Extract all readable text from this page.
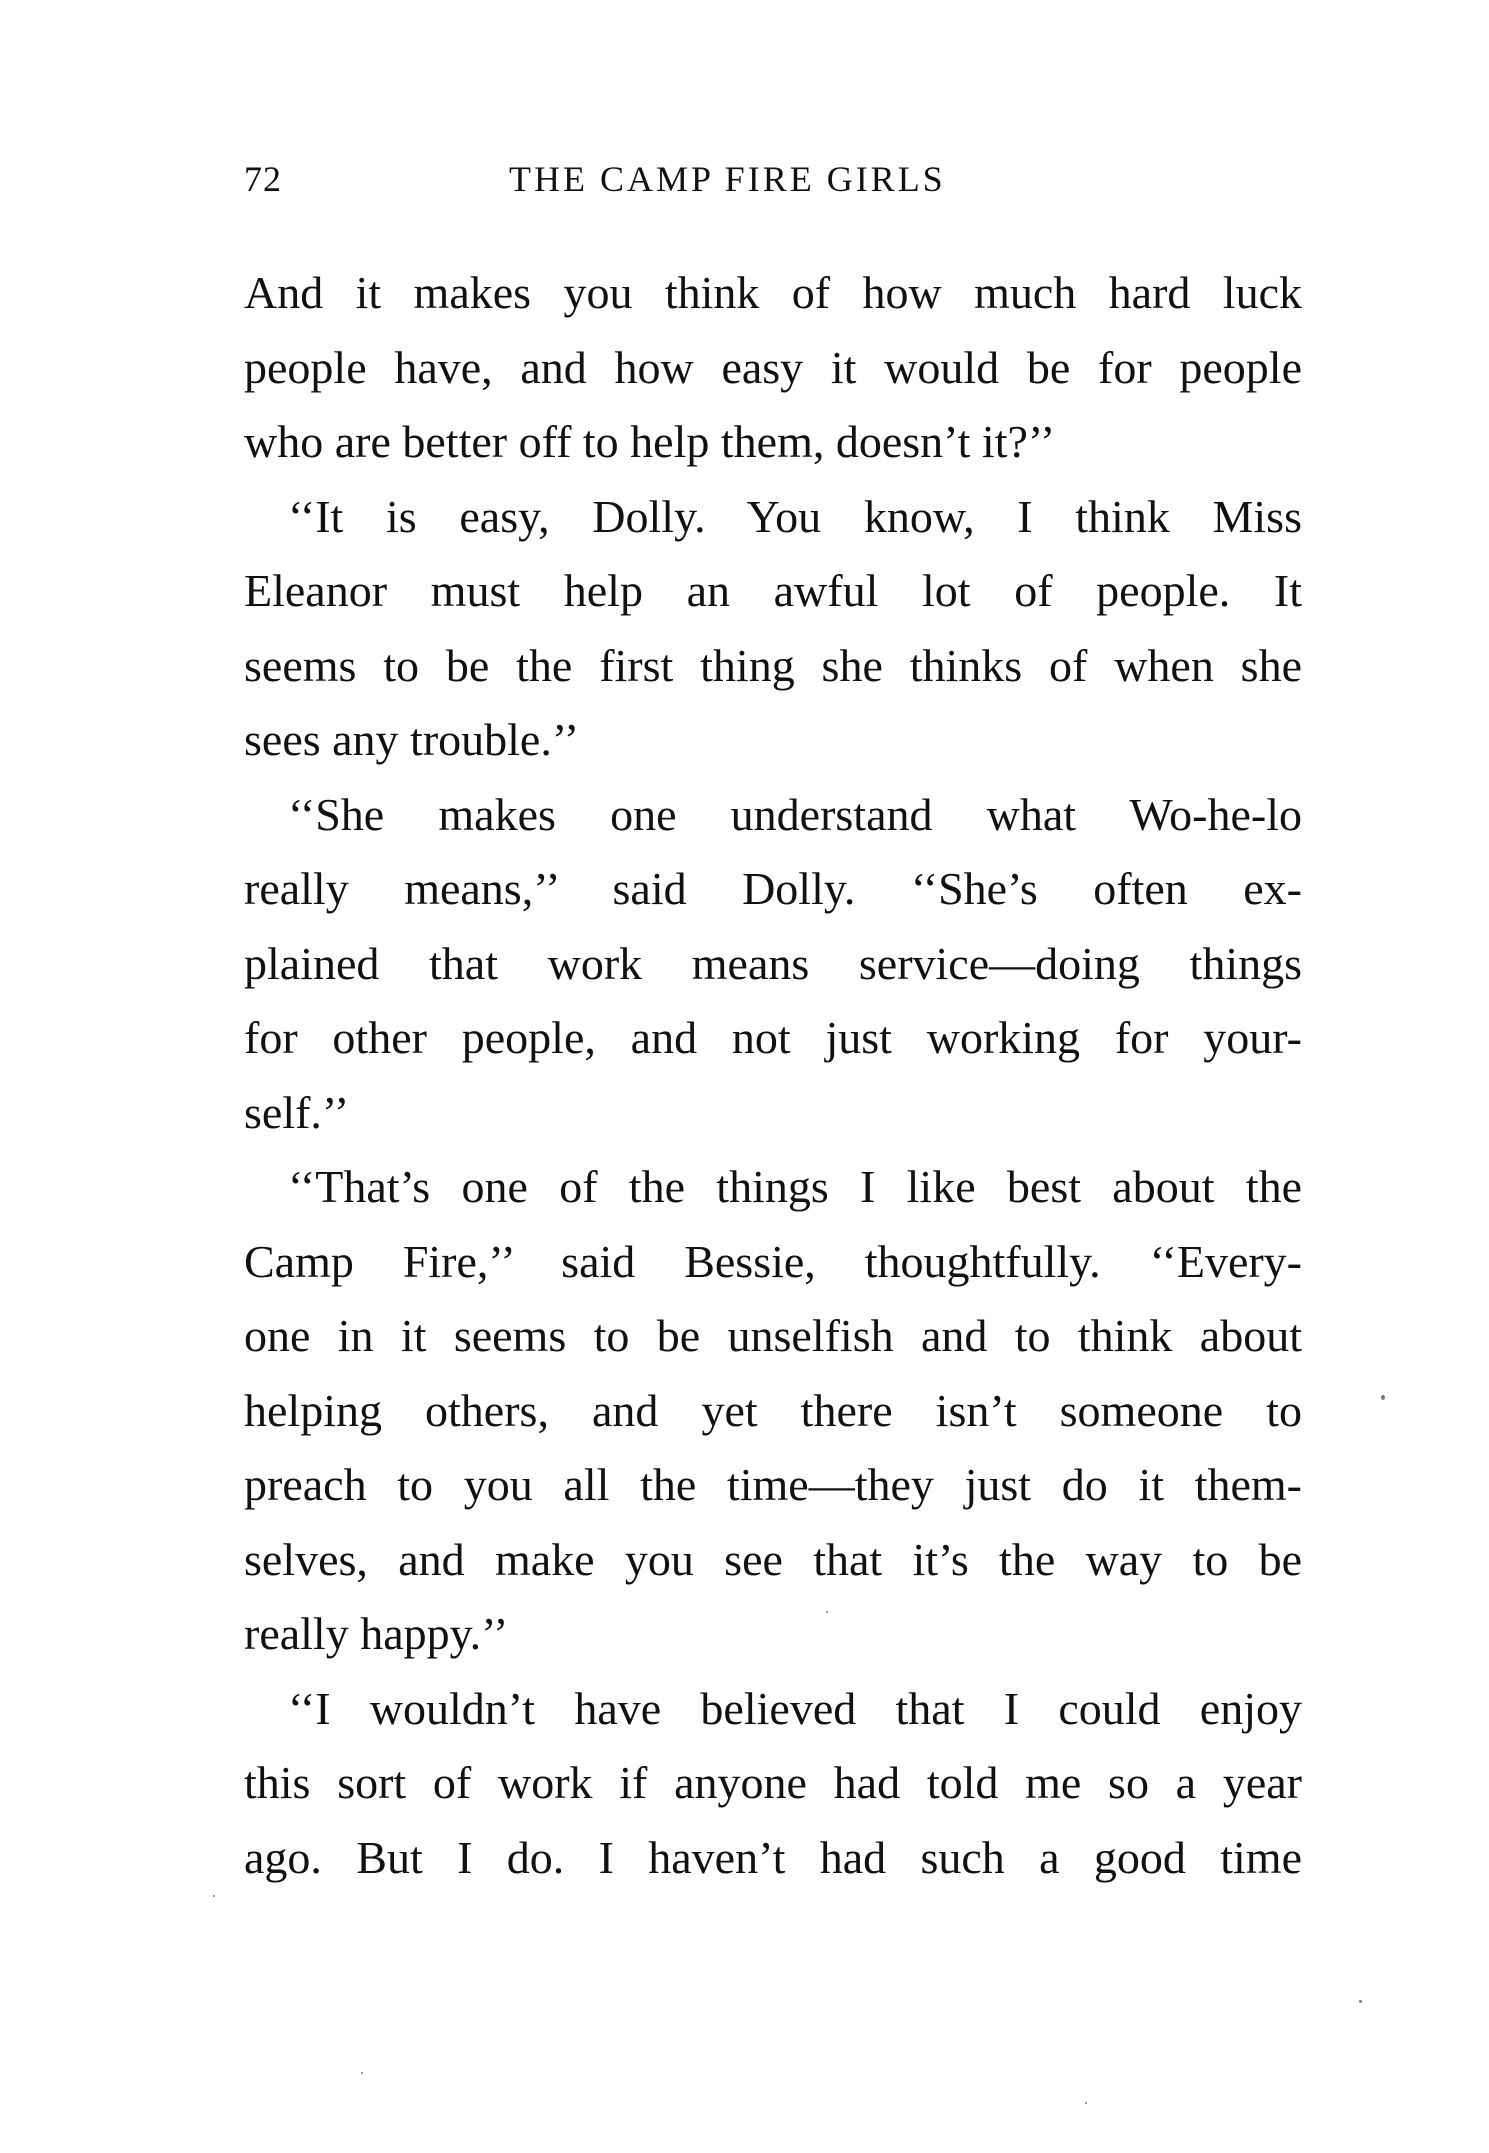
72	THE CAMP FIRE GIRLS
And it makes you think of how much hard luck
people have, and how easy it would be for people
who are better off to help them, doesn’t it?’’
‘‘It is easy, Dolly. You know, I think Miss
Eleanor must help an awful lot of people. It
seems to be the first thing she thinks of when she
sees any trouble.’’
‘‘She makes one understand what Wo-he-lo
really means,’’ said Dolly. ‘‘She’s often ex-
plained that work means service—doing things
for other people, and not just working for your-
self.’’
‘‘That’s one of the things I like best about the
Camp Fire,’’ said Bessie, thoughtfully. ‘‘Every-
one in it seems to be unselfish and to think about
helping others, and yet there isn’t someone to
preach to you all the time—they just do it them-
selves, and make you see that it’s the way to be
really happy.’’
‘‘I wouldn’t have believed that I could enjoy
this sort of work if anyone had told me so a year
ago. But I do. I haven’t had such a good time
